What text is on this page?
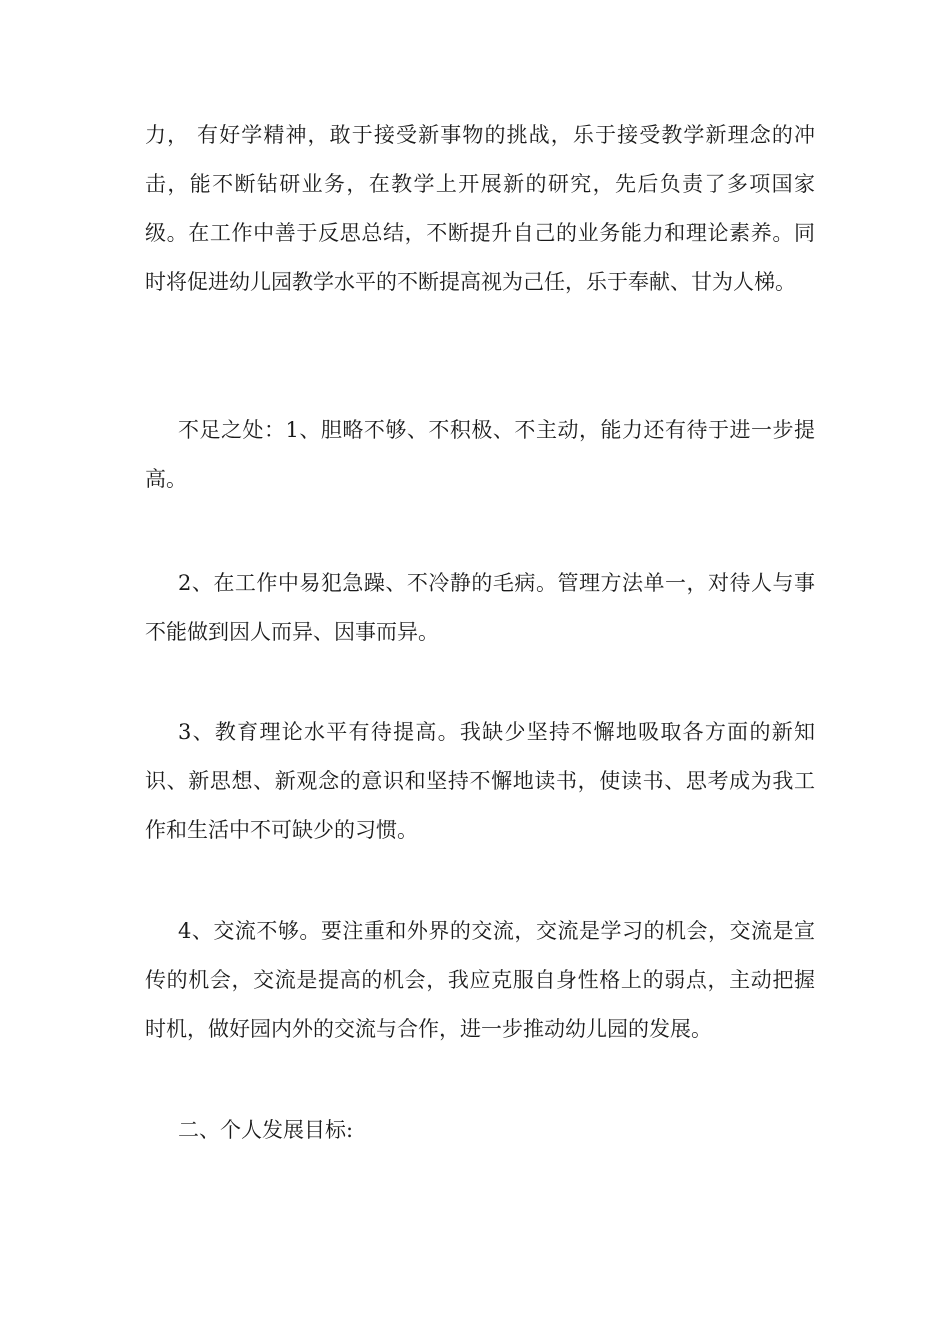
力， 有好学精神，敢于接受新事物的挑战，乐于接受教学新理念的冲击，能不断钻研业务，在教学上开展新的研究，先后负责了多项国家级。在工作中善于反思总结，不断提升自己的业务能力和理论素养。同时将促进幼儿园教学水平的不断提高视为己任，乐于奉献、甘为人梯。

不足之处：1、胆略不够、不积极、不主动，能力还有待于进一步提高。

2、在工作中易犯急躁、不冷静的毛病。管理方法单一，对待人与事不能做到因人而异、因事而异。

3、教育理论水平有待提高。我缺少坚持不懈地吸取各方面的新知识、新思想、新观念的意识和坚持不懈地读书，使读书、思考成为我工作和生活中不可缺少的习惯。

4、交流不够。要注重和外界的交流，交流是学习的机会，交流是宣传的机会，交流是提高的机会，我应克服自身性格上的弱点，主动把握时机，做好园内外的交流与合作，进一步推动幼儿园的发展。

二、个人发展目标:
